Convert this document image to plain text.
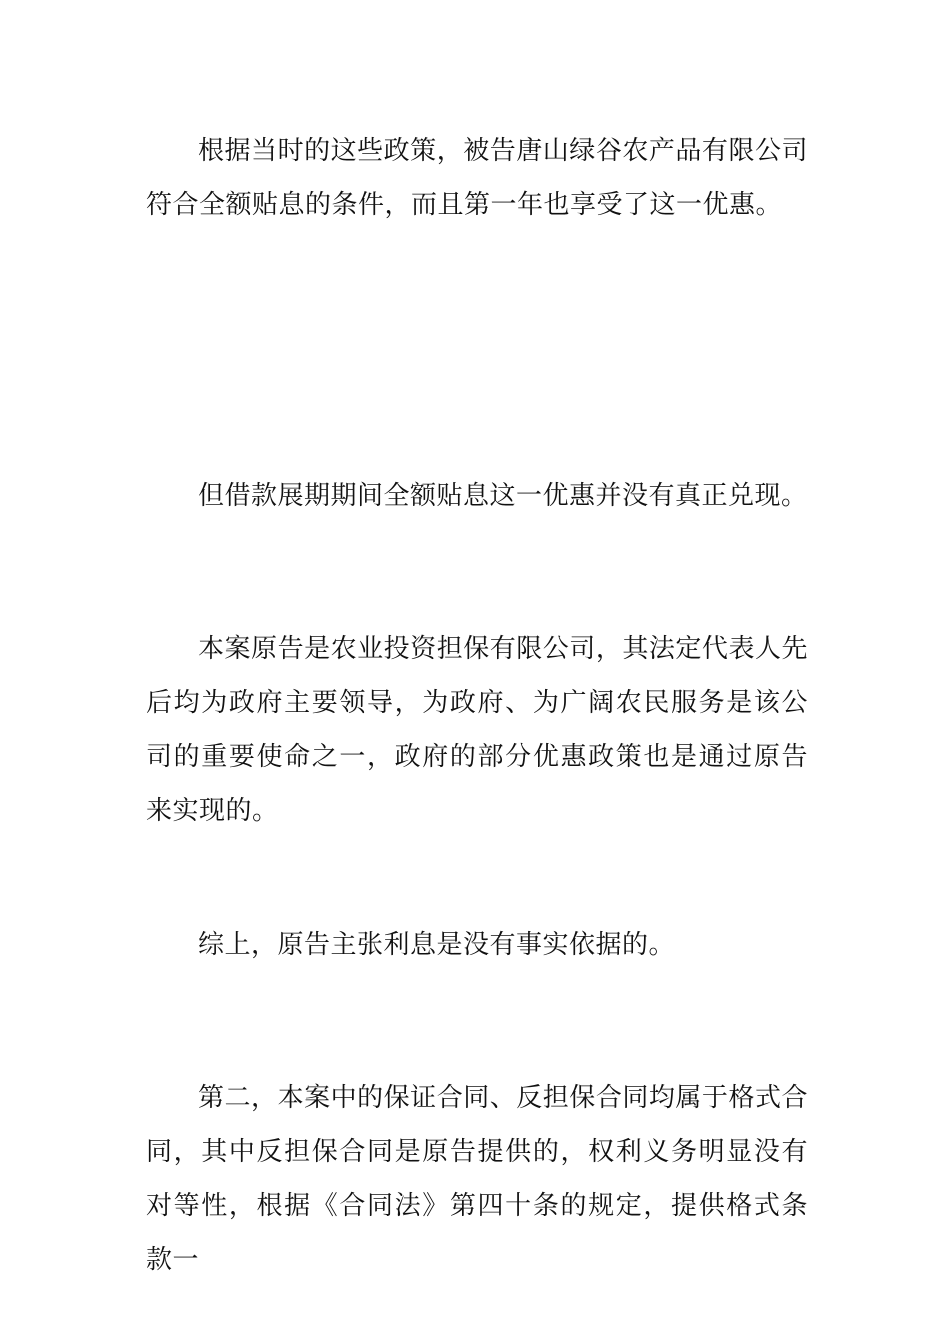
根据当时的这些政策，被告唐山绿谷农产品有限公司符合全额贴息的条件，而且第一年也享受了这一优惠。

但借款展期期间全额贴息这一优惠并没有真正兑现。

本案原告是农业投资担保有限公司，其法定代表人先后均为政府主要领导，为政府、为广阔农民服务是该公司的重要使命之一，政府的部分优惠政策也是通过原告来实现的。

综上，原告主张利息是没有事实依据的。

第二，本案中的保证合同、反担保合同均属于格式合同，其中反担保合同是原告提供的，权利义务明显没有对等性，根据《合同法》第四十条的规定，提供格式条款一
